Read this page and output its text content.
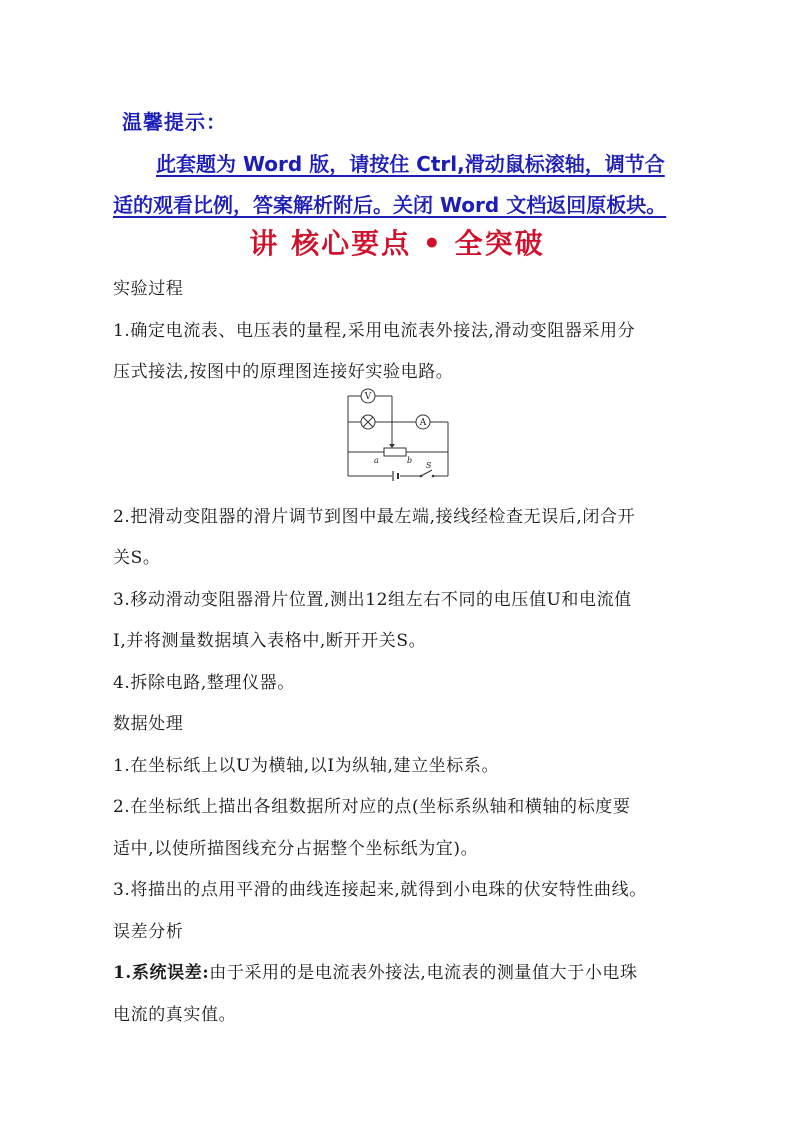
温馨提示：
此套题为 Word 版，请按住 Ctrl,滑动鼠标滚轴，调节合
适的观看比例，答案解析附后。关闭 Word 文档返回原板块。
讲 核心要点 • 全突破
实验过程
1.确定电流表、电压表的量程,采用电流表外接法,滑动变阻器采用分
压式接法,按图中的原理图连接好实验电路。
V
A
a	b
S
2.把滑动变阻器的滑片调节到图中最左端,接线经检查无误后,闭合开
关S。
3.移动滑动变阻器滑片位置,测出12组左右不同的电压值U和电流值
I,并将测量数据填入表格中,断开开关S。
4.拆除电路,整理仪器。
数据处理
1.在坐标纸上以U为横轴,以I为纵轴,建立坐标系。
2.在坐标纸上描出各组数据所对应的点(坐标系纵轴和横轴的标度要
适中,以使所描图线充分占据整个坐标纸为宜)。
3.将描出的点用平滑的曲线连接起来,就得到小电珠的伏安特性曲线。
误差分析
1.系统误差:由于采用的是电流表外接法,电流表的测量值大于小电珠
电流的真实值。
